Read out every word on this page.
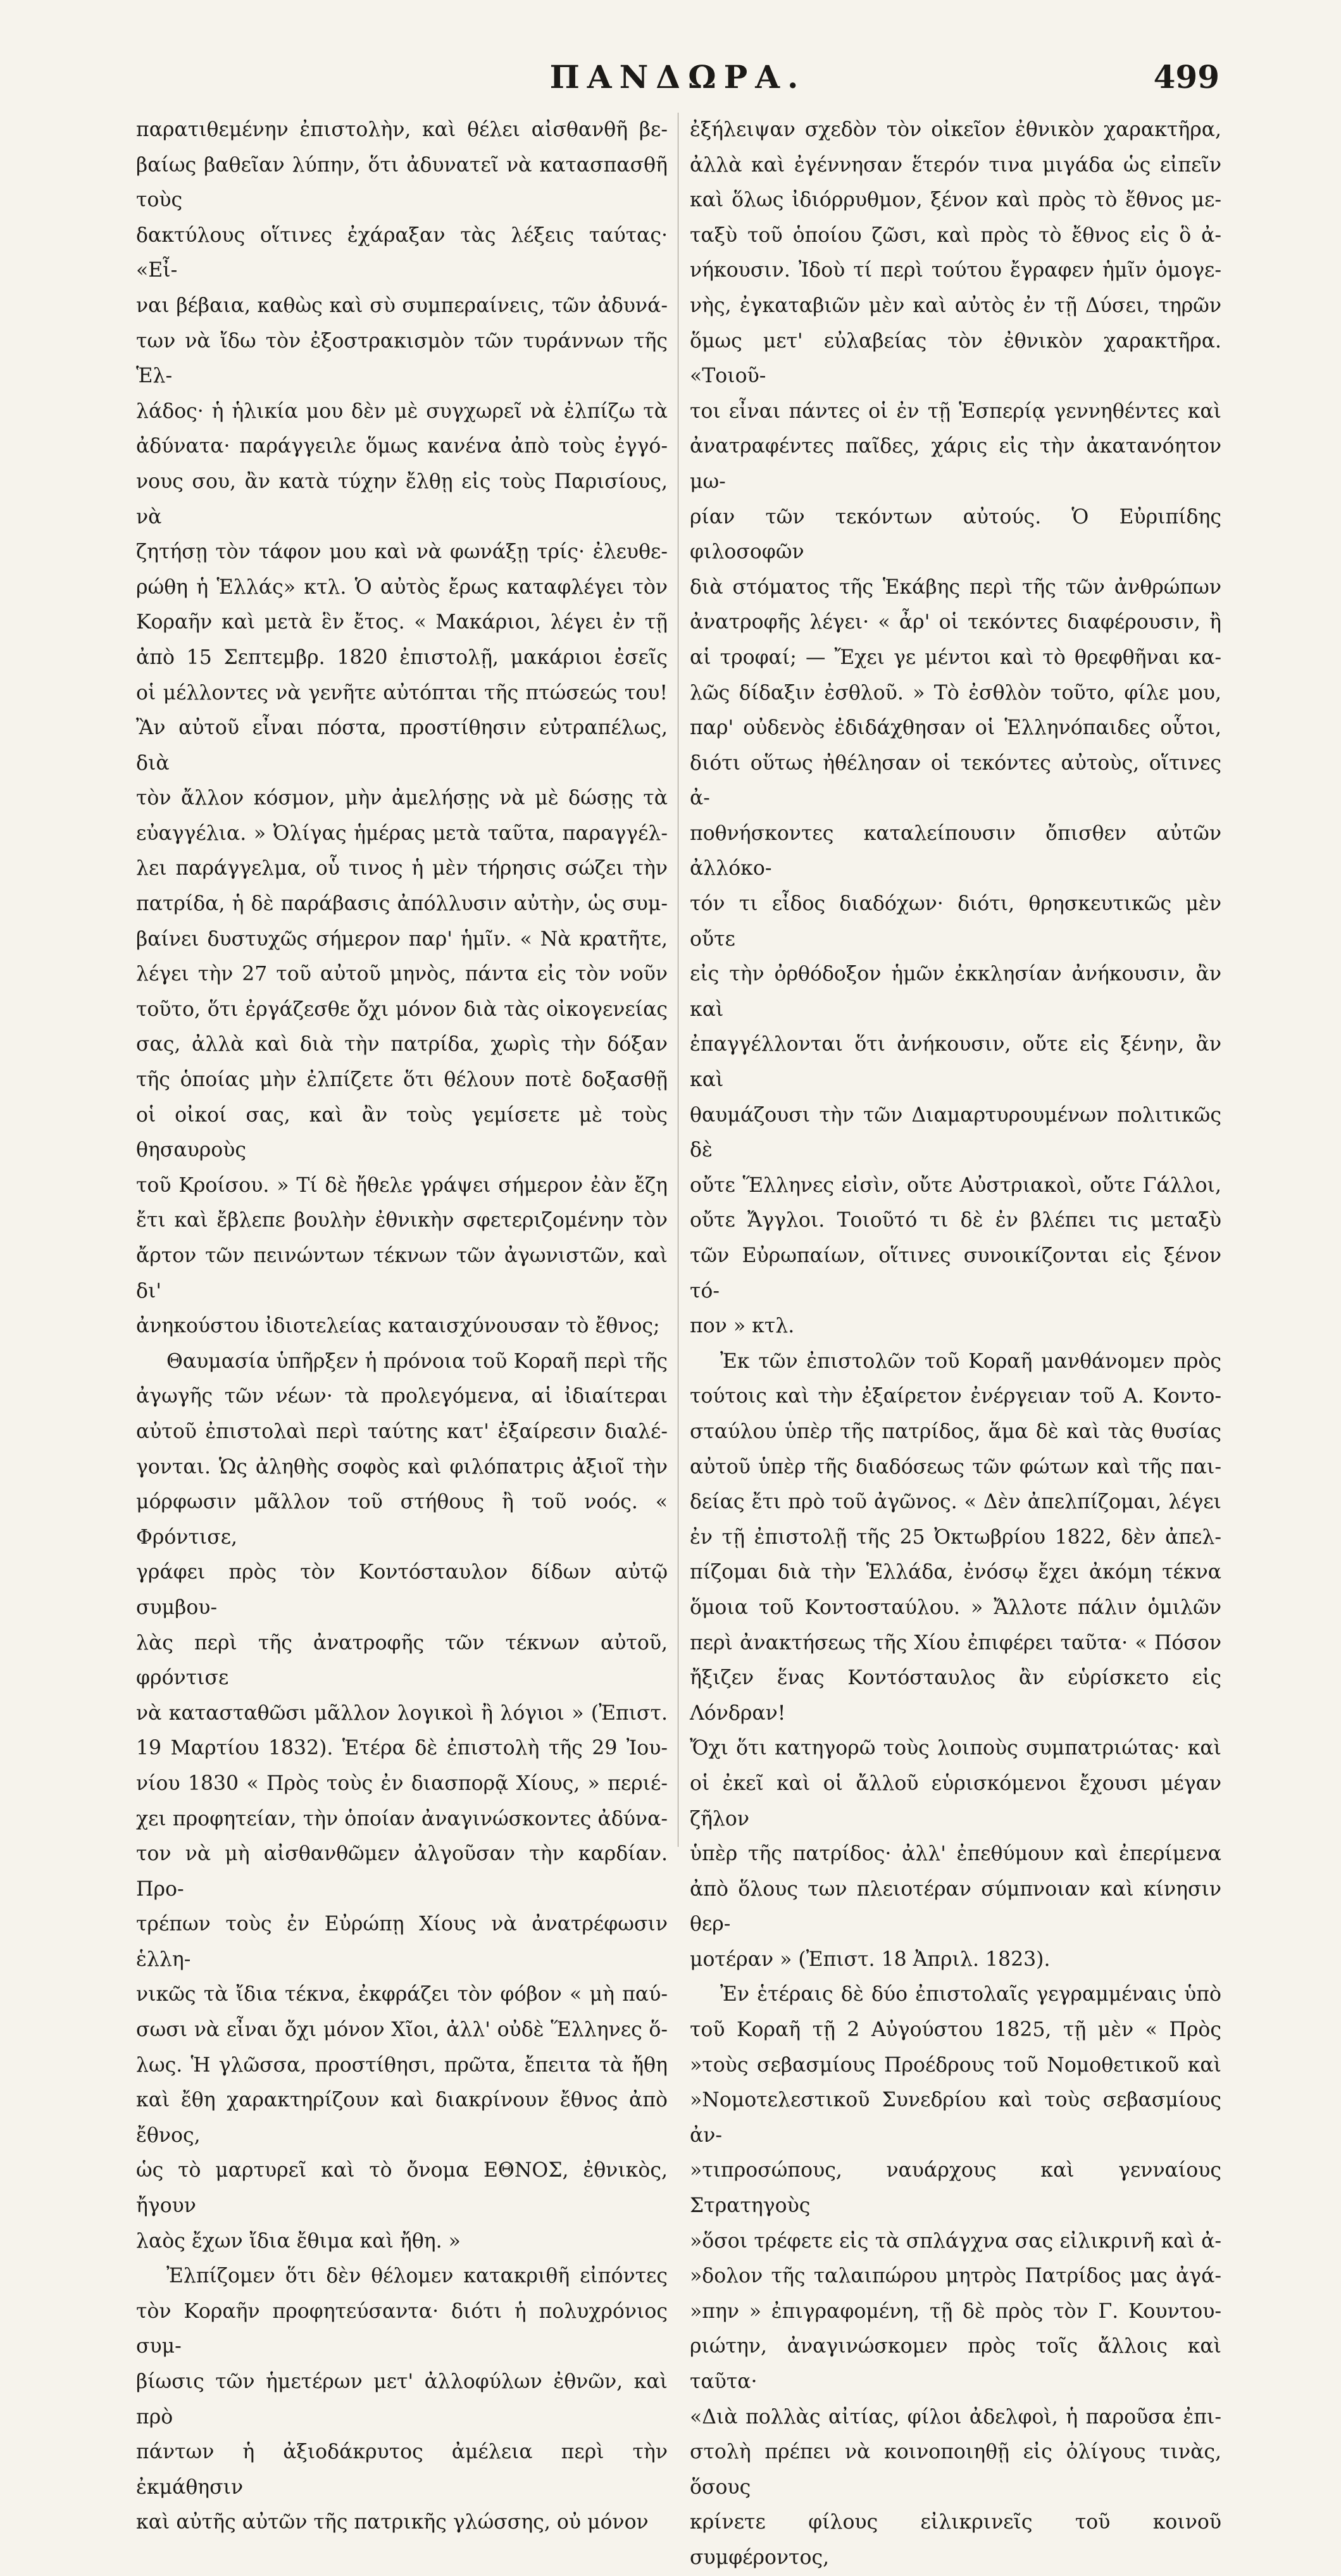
ΠΑΝΔΩΡΑ.	499

παρατιθεμένην ἐπιστολὴν, καὶ θέλει αἰσθανθῆ βε-

βαίως βαθεῖαν λύπην, ὅτι ἀδυνατεῖ νὰ κατασπασθῆ τοὺς

δακτύλους οἵτινες ἐχάραξαν τὰς λέξεις ταύτας· «Εἶ-

ναι βέβαια, καθὼς καὶ σὺ συμπεραίνεις, τῶν ἀδυνά-

των νὰ ἴδω τὸν ἐξοστρακισμὸν τῶν τυράννων τῆς Ἑλ-

λάδος· ἡ ἡλικία μου δὲν μὲ συγχωρεῖ νὰ ἐλπίζω τὰ

ἀδύνατα· παράγγειλε ὅμως κανένα ἀπὸ τοὺς ἐγγό-

νους σου, ἂν κατὰ τύχην ἔλθῃ εἰς τοὺς Παρισίους, νὰ

ζητήσῃ τὸν τάφον μου καὶ νὰ φωνάξῃ τρίς· ἐλευθε-

ρώθη ἡ Ἑλλάς» κτλ. Ὁ αὐτὸς ἔρως καταφλέγει τὸν

Κοραῆν καὶ μετὰ ἓν ἔτος. « Μακάριοι, λέγει ἐν τῇ

ἀπὸ 15 Σεπτεμβρ. 1820 ἐπιστολῇ, μακάριοι ἐσεῖς

οἱ μέλλοντες νὰ γενῆτε αὐτόπται τῆς πτώσεώς του!

Ἂν αὐτοῦ εἶναι πόστα, προστίθησιν εὐτραπέλως, διὰ

τὸν ἄλλον κόσμον, μὴν ἀμελήσῃς νὰ μὲ δώσῃς τὰ

εὐαγγέλια. » Ὀλίγας ἡμέρας μετὰ ταῦτα, παραγγέλ-

λει παράγγελμα, οὗ τινος ἡ μὲν τήρησις σώζει τὴν

πατρίδα, ἡ δὲ παράβασις ἀπόλλυσιν αὐτὴν, ὡς συμ-

βαίνει δυστυχῶς σήμερον παρ' ἡμῖν. « Νὰ κρατῆτε,

λέγει τὴν 27 τοῦ αὐτοῦ μηνὸς, πάντα εἰς τὸν νοῦν

τοῦτο, ὅτι ἐργάζεσθε ὄχι μόνον διὰ τὰς οἰκογενείας

σας, ἀλλὰ καὶ διὰ τὴν πατρίδα, χωρὶς τὴν δόξαν

τῆς ὁποίας μὴν ἐλπίζετε ὅτι θέλουν ποτὲ δοξασθῇ

οἱ οἰκοί σας, καὶ ἂν τοὺς γεμίσετε μὲ τοὺς θησαυροὺς

τοῦ Κροίσου. » Τί δὲ ἤθελε γράψει σήμερον ἐὰν ἔζη

ἔτι καὶ ἔβλεπε βουλὴν ἐθνικὴν σφετεριζομένην τὸν

ἄρτον τῶν πεινώντων τέκνων τῶν ἀγωνιστῶν, καὶ δι'

ἀνηκούστου ἰδιοτελείας καταισχύνουσαν τὸ ἔθνος;

Θαυμασία ὑπῆρξεν ἡ πρόνοια τοῦ Κοραῆ περὶ τῆς

ἀγωγῆς τῶν νέων· τὰ προλεγόμενα, αἱ ἰδιαίτεραι

αὐτοῦ ἐπιστολαὶ περὶ ταύτης κατ' ἐξαίρεσιν διαλέ-

γονται. Ὡς ἀληθὴς σοφὸς καὶ φιλόπατρις ἀξιοῖ τὴν

μόρφωσιν μᾶλλον τοῦ στήθους ἢ τοῦ νοός. « Φρόντισε,

γράφει πρὸς τὸν Κοντόσταυλον δίδων αὐτῷ συμβου-

λὰς περὶ τῆς ἀνατροφῆς τῶν τέκνων αὐτοῦ, φρόντισε

νὰ κατασταθῶσι μᾶλλον λογικοὶ ἢ λόγιοι » (Ἐπιστ.

19 Μαρτίου 1832). Ἑτέρα δὲ ἐπιστολὴ τῆς 29 Ἰου-

νίου 1830 « Πρὸς τοὺς ἐν διασπορᾷ Χίους, » περιέ-

χει προφητείαν, τὴν ὁποίαν ἀναγινώσκοντες ἀδύνα-

τον νὰ μὴ αἰσθανθῶμεν ἀλγοῦσαν τὴν καρδίαν. Προ-

τρέπων τοὺς ἐν Εὐρώπῃ Χίους νὰ ἀνατρέφωσιν ἑλλη-

νικῶς τὰ ἴδια τέκνα, ἐκφράζει τὸν φόβον « μὴ παύ-

σωσι νὰ εἶναι ὄχι μόνον Χῖοι, ἀλλ' οὐδὲ Ἕλληνες ὅ-

λως. Ἡ γλῶσσα, προστίθησι, πρῶτα, ἔπειτα τὰ ἤθη

καὶ ἔθη χαρακτηρίζουν καὶ διακρίνουν ἔθνος ἀπὸ ἔθνος,

ὡς τὸ μαρτυρεῖ καὶ τὸ ὄνομα ΕΘΝΟΣ, ἐθνικὸς, ἤγουν

λαὸς ἔχων ἴδια ἔθιμα καὶ ἤθη. »

Ἐλπίζομεν ὅτι δὲν θέλομεν κατακριθῆ εἰπόντες

τὸν Κοραῆν προφητεύσαντα· διότι ἡ πολυχρόνιος συμ-

βίωσις τῶν ἡμετέρων μετ' ἀλλοφύλων ἐθνῶν, καὶ πρὸ

πάντων ἡ ἀξιοδάκρυτος ἀμέλεια περὶ τὴν ἐκμάθησιν

καὶ αὐτῆς αὐτῶν τῆς πατρικῆς γλώσσης, οὐ μόνον

ἐξήλειψαν σχεδὸν τὸν οἰκεῖον ἐθνικὸν χαρακτῆρα,

ἀλλὰ καὶ ἐγέννησαν ἕτερόν τινα μιγάδα ὡς εἰπεῖν

καὶ ὅλως ἰδιόρρυθμον, ξένον καὶ πρὸς τὸ ἔθνος με-

ταξὺ τοῦ ὁποίου ζῶσι, καὶ πρὸς τὸ ἔθνος εἰς ὃ ἀ-

νήκουσιν. Ἰδοὺ τί περὶ τούτου ἔγραφεν ἡμῖν ὁμογε-

νὴς, ἐγκαταβιῶν μὲν καὶ αὐτὸς ἐν τῇ Δύσει, τηρῶν

ὅμως μετ' εὐλαβείας τὸν ἐθνικὸν χαρακτῆρα. «Τοιοῦ-

τοι εἶναι πάντες οἱ ἐν τῇ Ἑσπερίᾳ γεννηθέντες καὶ

ἀνατραφέντες παῖδες, χάρις εἰς τὴν ἀκατανόητον μω-

ρίαν τῶν τεκόντων αὐτούς. Ὁ Εὐριπίδης φιλοσοφῶν

διὰ στόματος τῆς Ἑκάβης περὶ τῆς τῶν ἀνθρώπων

ἀνατροφῆς λέγει· « ἆρ' οἱ τεκόντες διαφέρουσιν, ἢ

αἱ τροφαί; — Ἔχει γε μέντοι καὶ τὸ θρεφθῆναι κα-

λῶς δίδαξιν ἐσθλοῦ. » Τὸ ἐσθλὸν τοῦτο, φίλε μου,

παρ' οὐδενὸς ἐδιδάχθησαν οἱ Ἑλληνόπαιδες οὗτοι,

διότι οὕτως ἠθέλησαν οἱ τεκόντες αὐτοὺς, οἵτινες ἀ-

ποθνήσκοντες καταλείπουσιν ὄπισθεν αὐτῶν ἀλλόκο-

τόν τι εἶδος διαδόχων· διότι, θρησκευτικῶς μὲν οὔτε

εἰς τὴν ὀρθόδοξον ἡμῶν ἐκκλησίαν ἀνήκουσιν, ἂν καὶ

ἐπαγγέλλονται ὅτι ἀνήκουσιν, οὔτε εἰς ξένην, ἂν καὶ

θαυμάζουσι τὴν τῶν Διαμαρτυρουμένων πολιτικῶς δὲ

οὔτε Ἕλληνες εἰσὶν, οὔτε Αὐστριακοὶ, οὔτε Γάλλοι,

οὔτε Ἄγγλοι. Τοιοῦτό τι δὲ ἐν βλέπει τις μεταξὺ

τῶν Εὐρωπαίων, οἵτινες συνοικίζονται εἰς ξένον τό-

πον » κτλ.

Ἐκ τῶν ἐπιστολῶν τοῦ Κοραῆ μανθάνομεν πρὸς

τούτοις καὶ τὴν ἐξαίρετον ἐνέργειαν τοῦ Α. Κοντο-

σταύλου ὑπὲρ τῆς πατρίδος, ἅμα δὲ καὶ τὰς θυσίας

αὐτοῦ ὑπὲρ τῆς διαδόσεως τῶν φώτων καὶ τῆς παι-

δείας ἔτι πρὸ τοῦ ἀγῶνος. « Δὲν ἀπελπίζομαι, λέγει

ἐν τῇ ἐπιστολῇ τῆς 25 Ὀκτωβρίου 1822, δὲν ἀπελ-

πίζομαι διὰ τὴν Ἑλλάδα, ἐνόσῳ ἔχει ἀκόμη τέκνα

ὅμοια τοῦ Κοντοσταύλου. » Ἄλλοτε πάλιν ὁμιλῶν

περὶ ἀνακτήσεως τῆς Χίου ἐπιφέρει ταῦτα· « Πόσον

ἤξιζεν ἕνας Κοντόσταυλος ἂν εὑρίσκετο εἰς Λόνδραν!

Ὄχι ὅτι κατηγορῶ τοὺς λοιποὺς συμπατριώτας· καὶ

οἱ ἐκεῖ καὶ οἱ ἄλλοῦ εὑρισκόμενοι ἔχουσι μέγαν ζῆλον

ὑπὲρ τῆς πατρίδος· ἀλλ' ἐπεθύμουν καὶ ἐπερίμενα

ἀπὸ ὅλους των πλειοτέραν σύμπνοιαν καὶ κίνησιν θερ-

μοτέραν » (Ἐπιστ. 18 Ἀπριλ. 1823).

Ἐν ἑτέραις δὲ δύο ἐπιστολαῖς γεγραμμέναις ὑπὸ

τοῦ Κοραῆ τῇ 2 Αὐγούστου 1825, τῇ μὲν « Πρὸς

»τοὺς σεβασμίους Προέδρους τοῦ Νομοθετικοῦ καὶ

»Νομοτελεστικοῦ Συνεδρίου καὶ τοὺς σεβασμίους ἀν-

»τιπροσώπους, ναυάρχους καὶ γενναίους Στρατηγοὺς

»ὅσοι τρέφετε εἰς τὰ σπλάγχνα σας εἰλικρινῆ καὶ ἀ-

»δολον τῆς ταλαιπώρου μητρὸς Πατρίδος μας ἀγά-

»πην » ἐπιγραφομένη, τῇ δὲ πρὸς τὸν Γ. Κουντου-

ριώτην, ἀναγινώσκομεν πρὸς τοῖς ἄλλοις καὶ ταῦτα·

«Διὰ πολλὰς αἰτίας, φίλοι ἀδελφοὶ, ἡ παροῦσα ἐπι-

στολὴ πρέπει νὰ κοινοποιηθῇ εἰς ὀλίγους τινὰς, ὅσους

κρίνετε φίλους εἰλικρινεῖς τοῦ κοινοῦ συμφέροντος,
